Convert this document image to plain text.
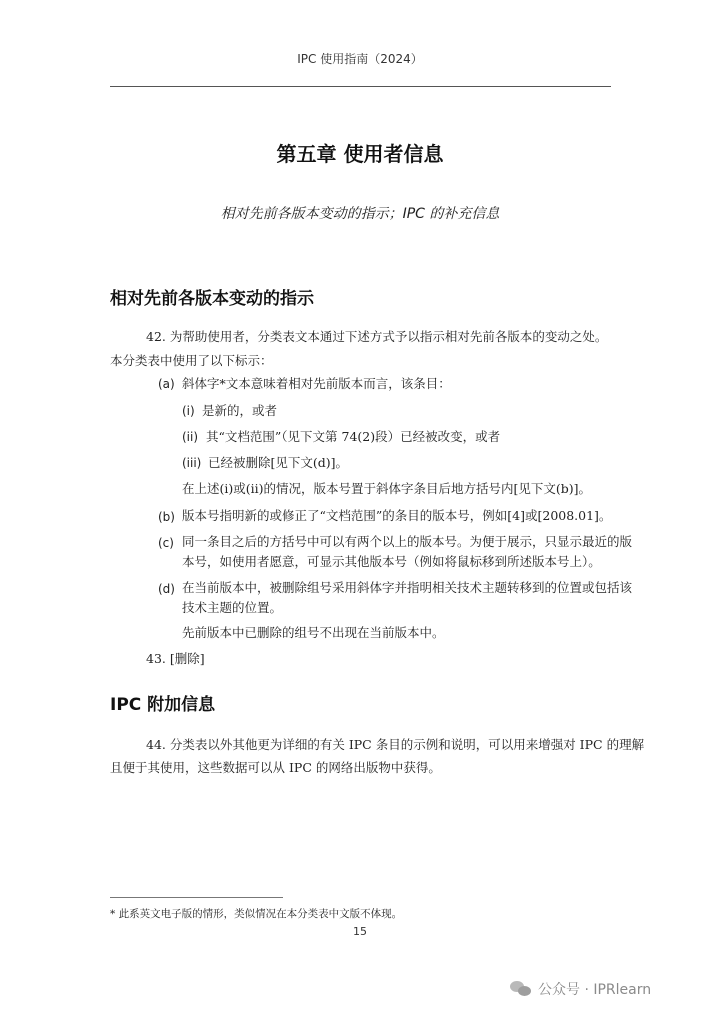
IPC 使用指南（2024）
第五章 使用者信息
相对先前各版本变动的指示；IPC 的补充信息
相对先前各版本变动的指示
42. 为帮助使用者，分类表文本通过下述方式予以指示相对先前各版本的变动之处。本分类表中使用了以下标示：
(a) 斜体字*文本意味着相对先前版本而言，该条目：
(i) 是新的，或者
(ii) 其“文档范围”（见下文第 74(2)段）已经被改变，或者
(iii) 已经被删除[见下文(d)]。
在上述(i)或(ii)的情况，版本号置于斜体字条目后地方括号内[见下文(b)]。
(b) 版本号指明新的或修正了“文档范围”的条目的版本号，例如[4]或[2008.01]。
(c) 同一条目之后的方括号中可以有两个以上的版本号。为便于展示，只显示最近的版
本号，如使用者愿意，可显示其他版本号（例如将鼠标移到所述版本号上）。
(d) 在当前版本中，被删除组号采用斜体字并指明相关技术主题转移到的位置或包括该
技术主题的位置。
先前版本中已删除的组号不出现在当前版本中。
43. [删除]
IPC 附加信息
44. 分类表以外其他更为详细的有关 IPC 条目的示例和说明，可以用来增强对 IPC 的理解
且便于其使用，这些数据可以从 IPC 的网络出版物中获得。
* 此系英文电子版的情形，类似情况在本分类表中文版不体现。
15
公众号 · IPRlearn
